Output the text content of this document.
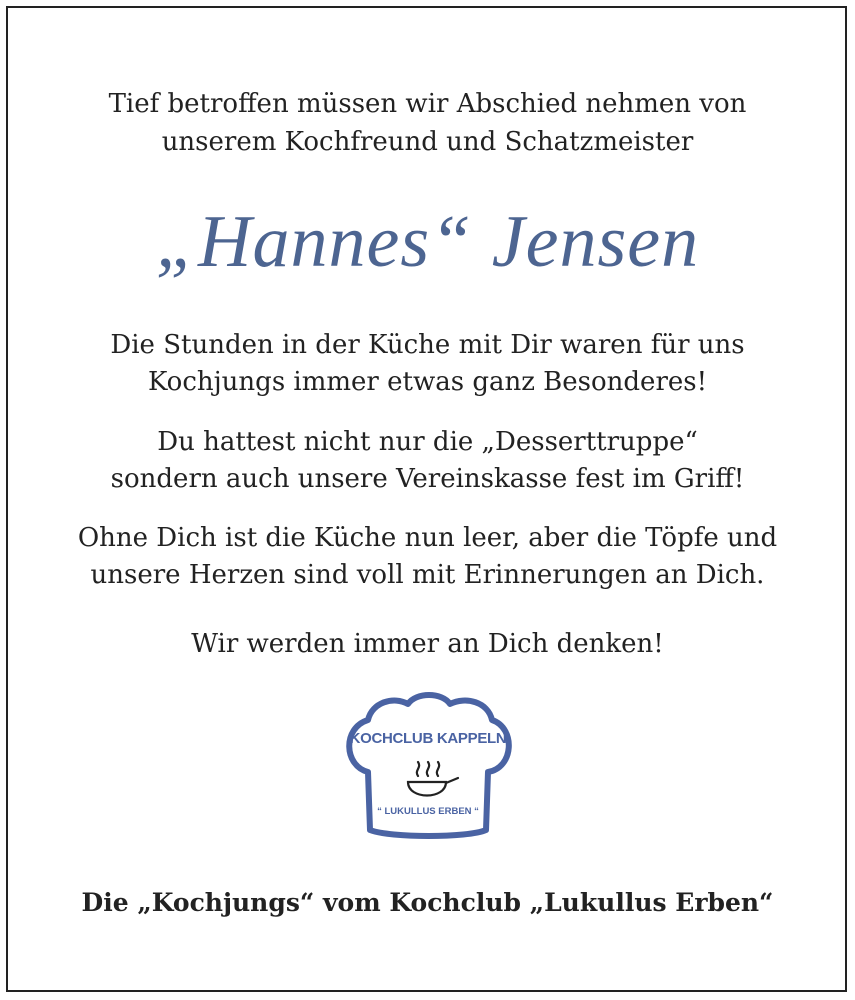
Tief betroffen müssen wir Abschied nehmen von
unserem Kochfreund und Schatzmeister
„Hannes“ Jensen
Die Stunden in der Küche mit Dir waren für uns
Kochjungs immer etwas ganz Besonderes!
Du hattest nicht nur die „Desserttruppe“
sondern auch unsere Vereinskasse fest im Griff!
Ohne Dich ist die Küche nun leer, aber die Töpfe und
unsere Herzen sind voll mit Erinnerungen an Dich.
Wir werden immer an Dich denken!
KOCHCLUB KAPPELN
“ LUKULLUS ERBEN “
Die „Kochjungs“ vom Kochclub „Lukullus Erben“
